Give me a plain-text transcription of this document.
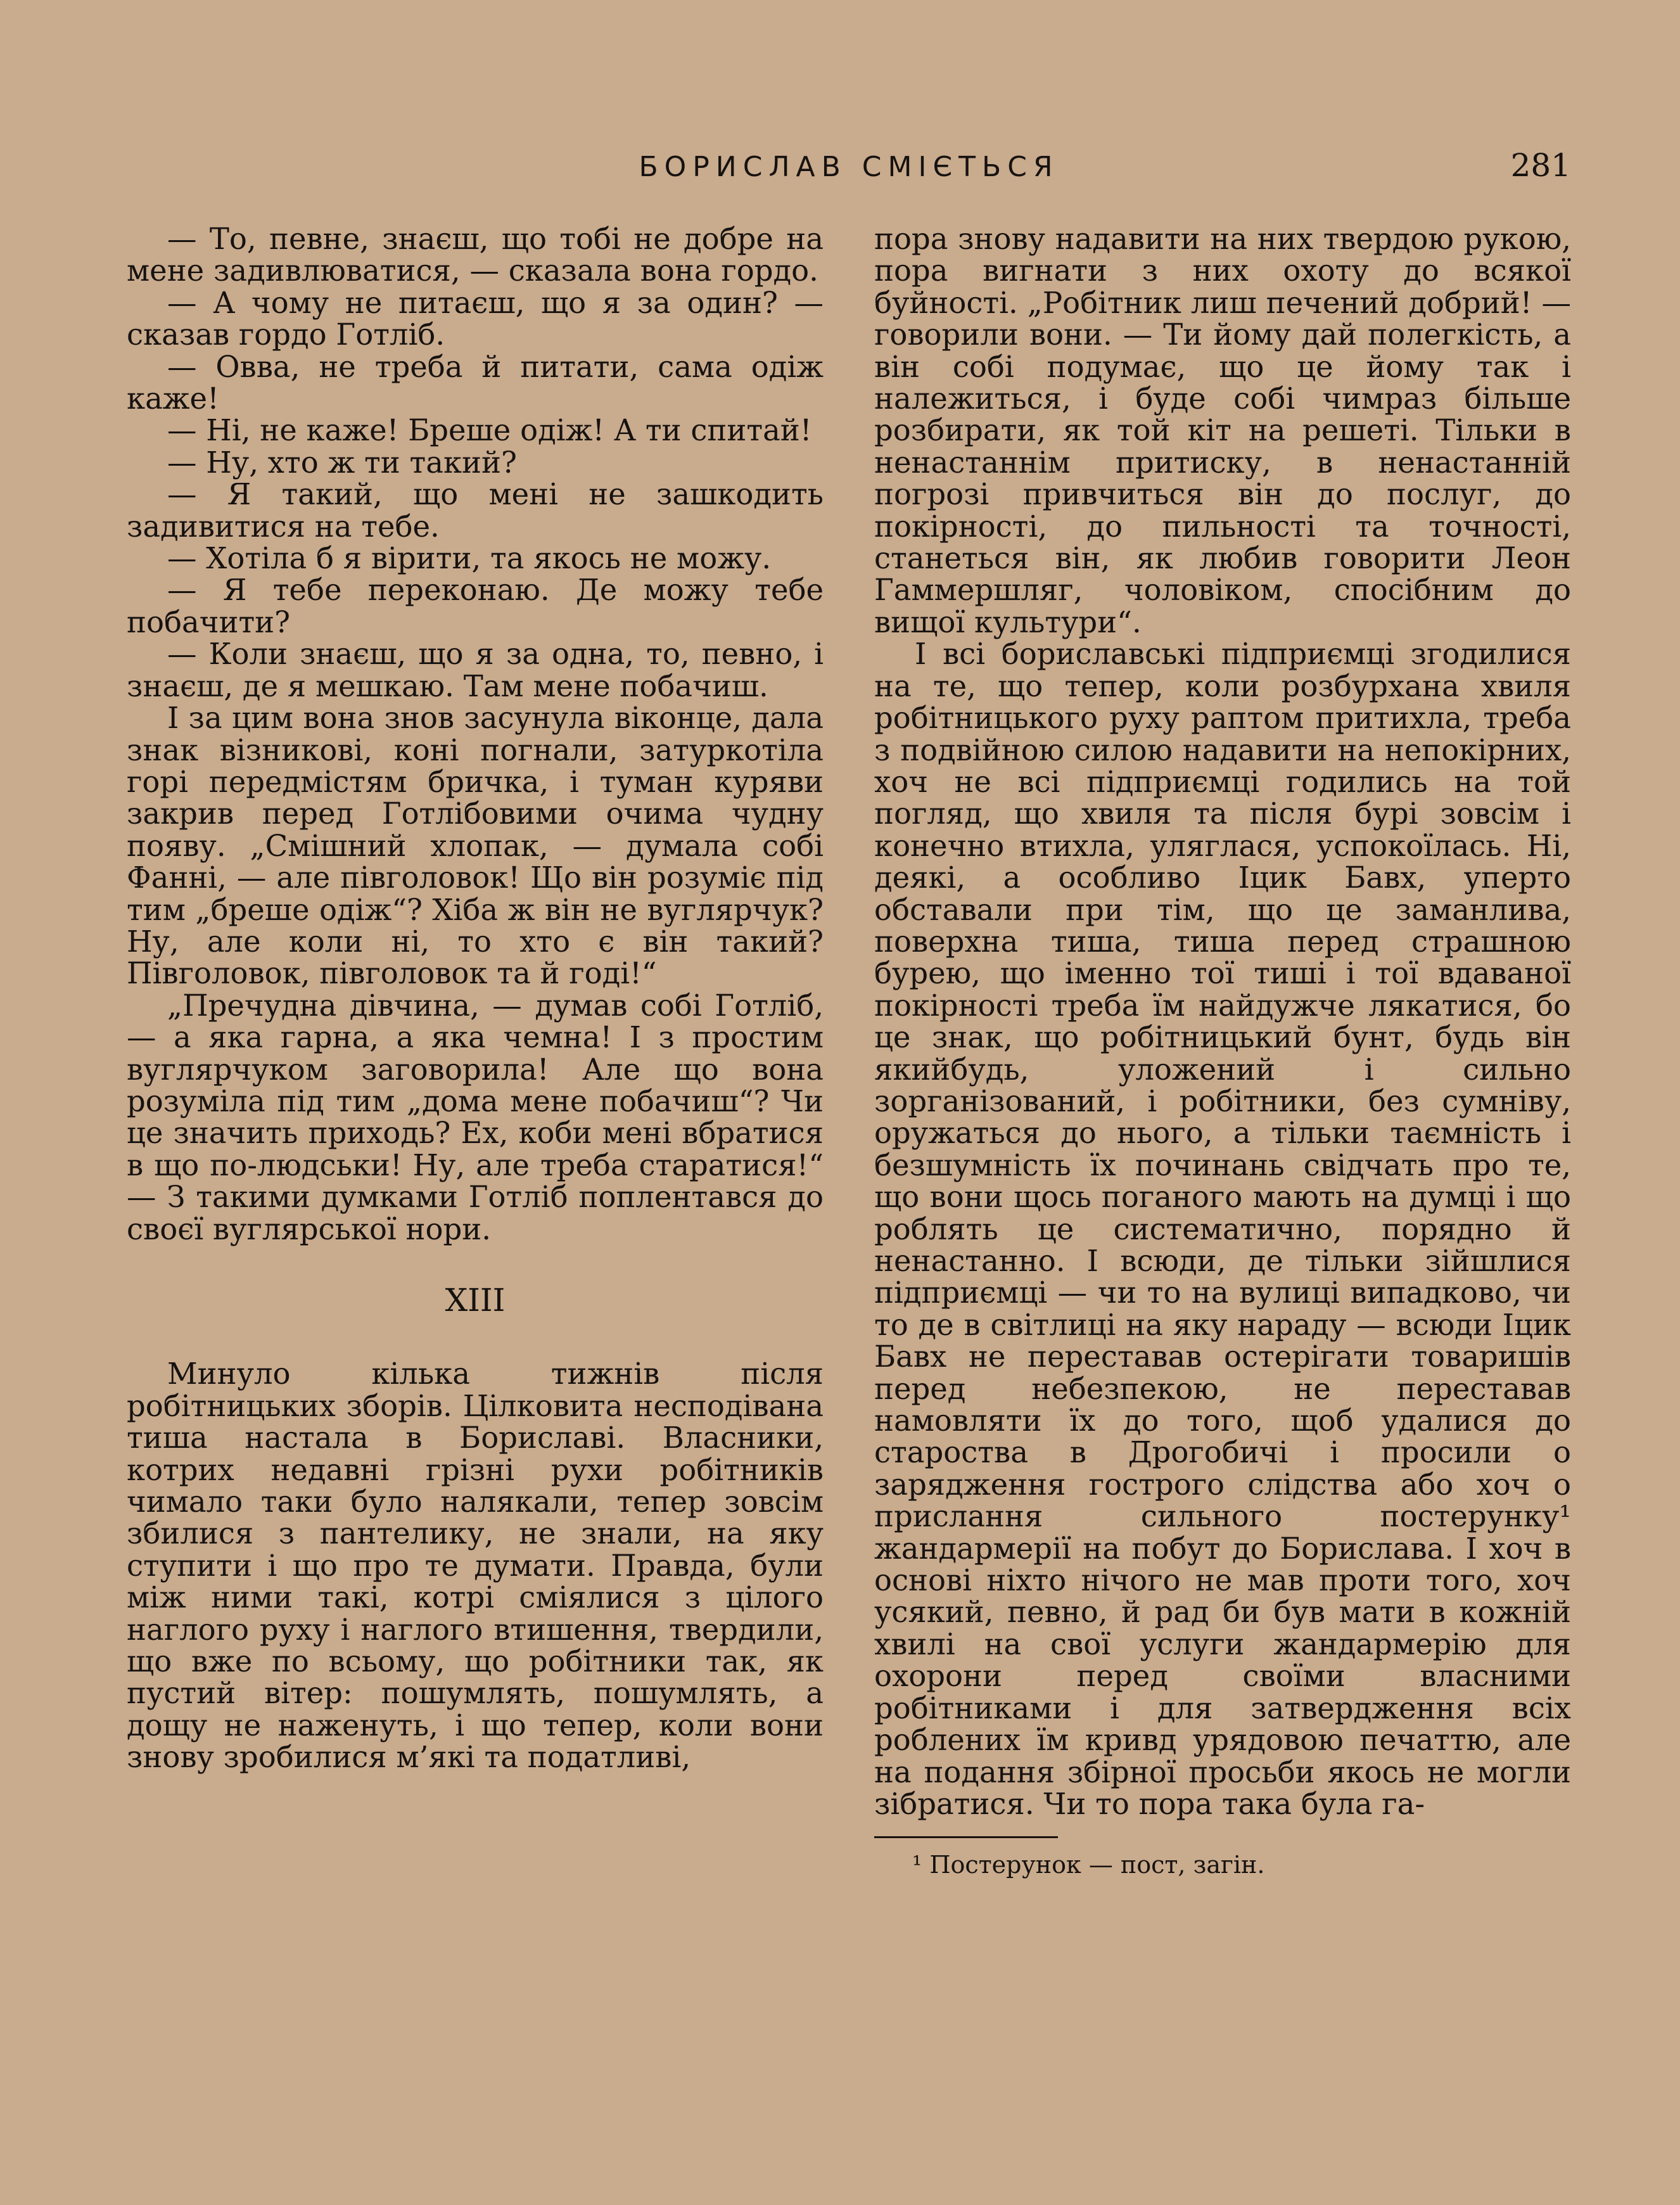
БОРИСЛАВ СМІЄТЬСЯ	281

— То, певне, знаєш, що тобі не добре на мене задивлюватися, — сказала вона гордо.

— А чому не питаєш, що я за один? — сказав гордо Готліб.

— Овва, не треба й питати, сама одіж каже!

— Ні, не каже! Бреше одіж! А ти спитай!

— Ну, хто ж ти такий?

— Я такий, що мені не зашкодить задивитися на тебе.

— Хотіла б я вірити, та якось не можу.

— Я тебе переконаю. Де можу тебе побачити?

— Коли знаєш, що я за одна, то, певно, і знаєш, де я мешкаю. Там мене побачиш.

І за цим вона знов засунула віконце, дала знак візникові, коні погнали, затуркотіла горі передмістям бричка, і туман куряви закрив перед Готлібовими очима чудну появу. „Смішний хлопак, — думала собі Фанні, — але півголовок! Що він розуміє під тим „бреше одіж“? Хіба ж він не вуглярчук? Ну, але коли ні, то хто є він такий? Півголовок, півголовок та й годі!“

„Пречудна дівчина, — думав собі Готліб, — а яка гарна, а яка чемна! І з простим вуглярчуком заговорила! Але що вона розуміла під тим „дома мене побачиш“? Чи це значить приходь? Ех, коби мені вбратися в що по-людськи! Ну, але треба старатися!“ — З такими думками Готліб поплентався до своєї вуглярської нори.

XIII

Минуло кілька тижнів після робітницьких зборів. Цілковита несподівана тиша настала в Бориславі. Власники, котрих недавні грізні рухи робітників чимало таки було налякали, тепер зовсім збилися з пантелику, не знали, на яку ступити і що про те думати. Правда, були між ними такі, котрі сміялися з цілого наглого руху і наглого втишення, твердили, що вже по всьому, що робітники так, як пустий вітер: пошумлять, пошумлять, а дощу не наженуть, і що тепер, коли вони знову зробилися м’які та податливі,

пора знову надавити на них твердою рукою, пора вигнати з них охоту до всякої буйності. „Робітник лиш печений добрий! — говорили вони. — Ти йому дай полегкість, а він собі подумає, що це йому так і належиться, і буде собі чимраз більше розбирати, як той кіт на решеті. Тільки в ненастаннім притиску, в ненастанній погрозі привчиться він до послуг, до покірності, до пильності та точності, станеться він, як любив говорити Леон Гаммершляг, чоловіком, спосібним до вищої культури“.

І всі бориславські підприємці згодилися на те, що тепер, коли розбурхана хвиля робітницького руху раптом притихла, треба з подвійною силою надавити на непокірних, хоч не всі підприємці годились на той погляд, що хвиля та після бурі зовсім і конечно втихла, уляглася, успокоїлась. Ні, деякі, а особливо Іцик Бавх, уперто обставали при тім, що це заманлива, поверхна тиша, тиша перед страшною бурею, що іменно тої тиші і тої вдаваної покірності треба їм найдужче лякатися, бо це знак, що робітницький бунт, будь він якийбудь, уложений і сильно зорганізований, і робітники, без сумніву, оружаться до нього, а тільки таємність і безшумність їх починань свідчать про те, що вони щось поганого мають на думці і що роблять це систематично, порядно й ненастанно. І всюди, де тільки зійшлися підприємці — чи то на вулиці випадково, чи то де в світлиці на яку нараду — всюди Іцик Бавх не переставав остерігати товаришів перед небезпекою, не переставав намовляти їх до того, щоб удалися до староства в Дрогобичі і просили о зарядження гострого слідства або хоч о прислання сильного постерунку¹ жандармерії на побут до Борислава. І хоч в основі ніхто нічого не мав проти того, хоч усякий, певно, й рад би був мати в кожній хвилі на свої услуги жандармерію для охорони перед своїми власними робітниками і для затвердження всіх роблених їм кривд урядовою печаттю, але на подання збірної просьби якось не могли зібратися. Чи то пора така була га-

¹ Постерунок — пост, загін.
